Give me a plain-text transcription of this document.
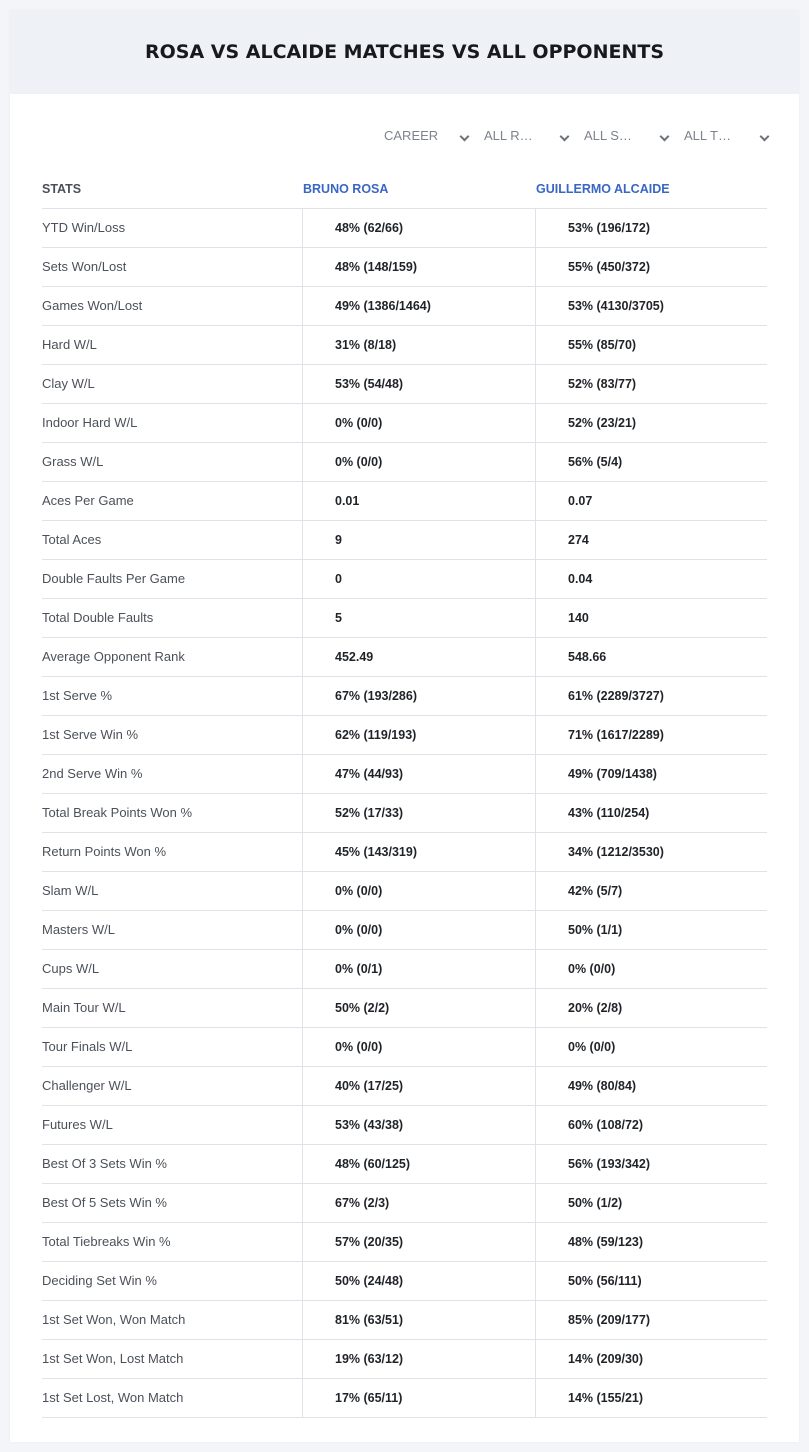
ROSA VS ALCAIDE MATCHES VS ALL OPPONENTS
CAREER	ALL R…	ALL S…	ALL T…
STATS	BRUNO ROSA	GUILLERMO ALCAIDE
YTD Win/Loss	48% (62/66)	53% (196/172)
Sets Won/Lost	48% (148/159)	55% (450/372)
Games Won/Lost	49% (1386/1464)	53% (4130/3705)
Hard W/L	31% (8/18)	55% (85/70)
Clay W/L	53% (54/48)	52% (83/77)
Indoor Hard W/L	0% (0/0)	52% (23/21)
Grass W/L	0% (0/0)	56% (5/4)
Aces Per Game	0.01	0.07
Total Aces	9	274
Double Faults Per Game	0	0.04
Total Double Faults	5	140
Average Opponent Rank	452.49	548.66
1st Serve %	67% (193/286)	61% (2289/3727)
1st Serve Win %	62% (119/193)	71% (1617/2289)
2nd Serve Win %	47% (44/93)	49% (709/1438)
Total Break Points Won %	52% (17/33)	43% (110/254)
Return Points Won %	45% (143/319)	34% (1212/3530)
Slam W/L	0% (0/0)	42% (5/7)
Masters W/L	0% (0/0)	50% (1/1)
Cups W/L	0% (0/1)	0% (0/0)
Main Tour W/L	50% (2/2)	20% (2/8)
Tour Finals W/L	0% (0/0)	0% (0/0)
Challenger W/L	40% (17/25)	49% (80/84)
Futures W/L	53% (43/38)	60% (108/72)
Best Of 3 Sets Win %	48% (60/125)	56% (193/342)
Best Of 5 Sets Win %	67% (2/3)	50% (1/2)
Total Tiebreaks Win %	57% (20/35)	48% (59/123)
Deciding Set Win %	50% (24/48)	50% (56/111)
1st Set Won, Won Match	81% (63/51)	85% (209/177)
1st Set Won, Lost Match	19% (63/12)	14% (209/30)
1st Set Lost, Won Match	17% (65/11)	14% (155/21)
